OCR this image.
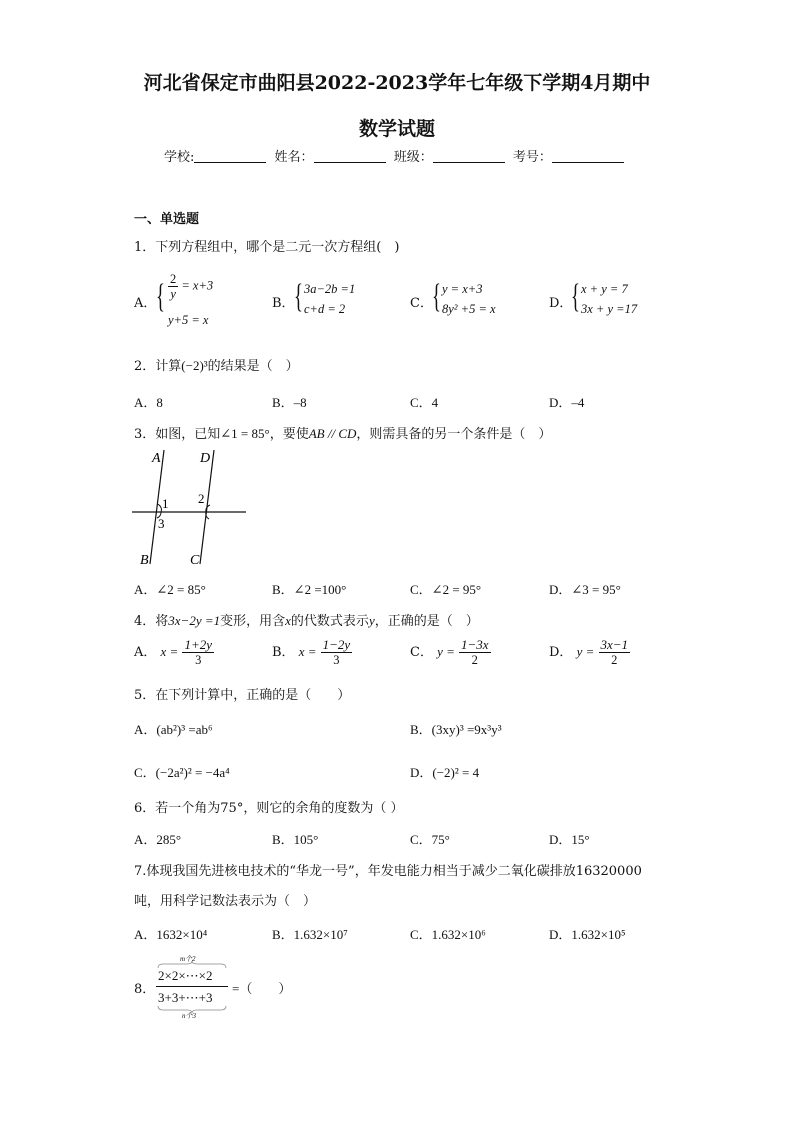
河北省保定市曲阳县2022-2023学年七年级下学期4月期中
数学试题
学校:	姓名：	班级：	考号：
一、单选题
1．下列方程组中，哪个是二元一次方程组(　)
A． { $\frac{2}{y} = x+3$
y+5 = x
B． { 3a−2b =1
c+d = 2	C． { y = x+3
8y² +5 = x	D．
{ x + y = 7
3x + y =17
2．计算(−2)³的结果是（　）
A．8	B．–8	C．4	D．–4
3．如图，已知∠1 = 85°，要使AB // CD，则需具备的另一个条件是（　）
A	D
B	C
1 2
3
A．∠2 = 85°	B．∠2 =100°	C．∠2 = 95°	D．∠3 = 95°
4．将3x−2y =1变形，用含x的代数式表示y，正确的是（　）
A． $x = \frac{1+2y}{3}$	B． $x = \frac{1-2y}{3}$	C． $y = \frac{1-3x}{2}$	D． $y = \frac{3x-1}{2}$
5．在下列计算中，正确的是（　　）
A．(ab²)³ =ab⁶	B．(3xy)³ =9x³y³
C．(−2a²)² = −4a⁴	D．(−2)² = 4
6．若一个角为75°，则它的余角的度数为（ ）
A．285°	B．105°	C．75°	D．15°
7.体现我国先进核电技术的“华龙一号”，年发电能力相当于减少二氧化碳排放16320000
吨，用科学记数法表示为（　）
A．1632×10⁴	B．1.632×10⁷	C．1.632×10⁶	D．1.632×10⁵
8．
m个2
2×2×⋯×2
3+3+⋯+3
n个3
=（　　）
